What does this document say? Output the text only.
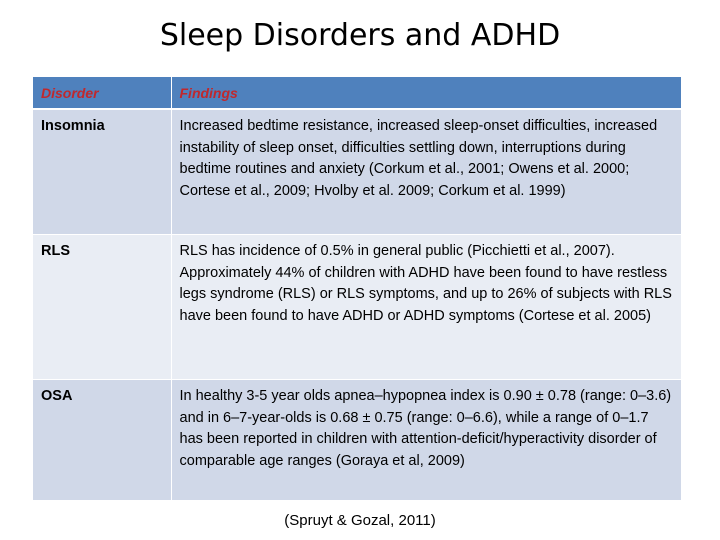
Sleep Disorders and ADHD
Disorder	Findings
Insomnia	Increased bedtime resistance, increased sleep-onset difficulties, increased instability of sleep onset, difficulties settling down, interruptions during bedtime routines and anxiety (Corkum et al., 2001; Owens et al. 2000; Cortese et al., 2009; Hvolby et al. 2009; Corkum et al. 1999)
RLS	RLS has incidence of 0.5% in general public (Picchietti et al., 2007). Approximately 44% of children with ADHD have been found to have restless legs syndrome (RLS) or RLS symptoms, and up to 26% of subjects with RLS have been found to have ADHD or ADHD symptoms (Cortese et al. 2005)
OSA	In healthy 3-5 year olds apnea–hypopnea index is 0.90 ± 0.78 (range: 0–3.6) and in 6–7-year-olds is 0.68 ± 0.75 (range: 0–6.6), while a range of 0–1.7 has been reported in children with attention-deficit/hyperactivity disorder of comparable age ranges (Goraya et al, 2009)
(Spruyt & Gozal, 2011)
